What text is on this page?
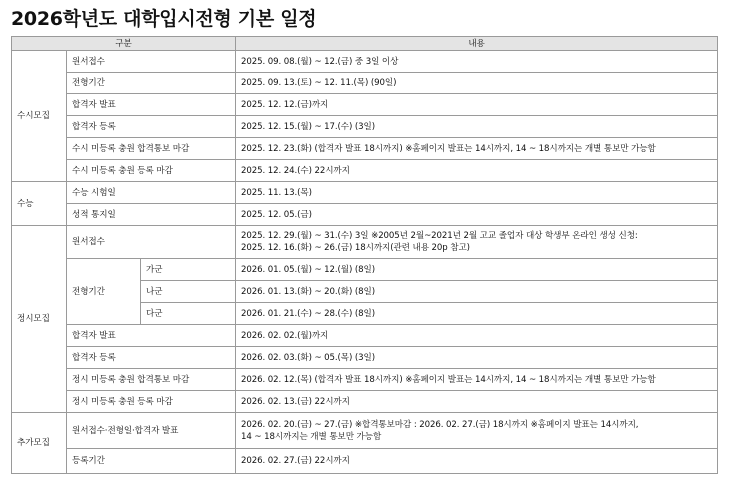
2026학년도 대학입시전형 기본 일정
구분			내용
수시모집	원서접수		2025. 09. 08.(월) ~ 12.(금) 중 3일 이상
	전형기간		2025. 09. 13.(토) ~ 12. 11.(목) (90일)
	합격자 발표		2025. 12. 12.(금)까지
	합격자 등록		2025. 12. 15.(월) ~ 17.(수) (3일)
	수시 미등록 충원 합격통보 마감		2025. 12. 23.(화) (합격자 발표 18시까지) ※홈페이지 발표는 14시까지, 14 ~ 18시까지는 개별 통보만 가능함
	수시 미등록 충원 등록 마감		2025. 12. 24.(수) 22시까지
수능	수능 시험일		2025. 11. 13.(목)
	성적 통지일		2025. 12. 05.(금)
정시모집	원서접수		2025. 12. 29.(월) ~ 31.(수) 3일 ※2005년 2월~2021년 2월 고교 졸업자 대상 학생부 온라인 생성 신청:
2025. 12. 16.(화) ~ 26.(금) 18시까지(관련 내용 20p 참고)
	전형기간	가군	2026. 01. 05.(월) ~ 12.(월) (8일)
		나군	2026. 01. 13.(화) ~ 20.(화) (8일)
		다군	2026. 01. 21.(수) ~ 28.(수) (8일)
	합격자 발표		2026. 02. 02.(월)까지
	합격자 등록		2026. 02. 03.(화) ~ 05.(목) (3일)
	정시 미등록 충원 합격통보 마감		2026. 02. 12.(목) (합격자 발표 18시까지) ※홈페이지 발표는 14시까지, 14 ~ 18시까지는 개별 통보만 가능함
	정시 미등록 충원 등록 마감		2026. 02. 13.(금) 22시까지
추가모집	원서접수·전형일·합격자 발표		2026. 02. 20.(금) ~ 27.(금) ※합격통보마감 : 2026. 02. 27.(금) 18시까지 ※홈페이지 발표는 14시까지,
14 ~ 18시까지는 개별 통보만 가능함
	등록기간		2026. 02. 27.(금) 22시까지
